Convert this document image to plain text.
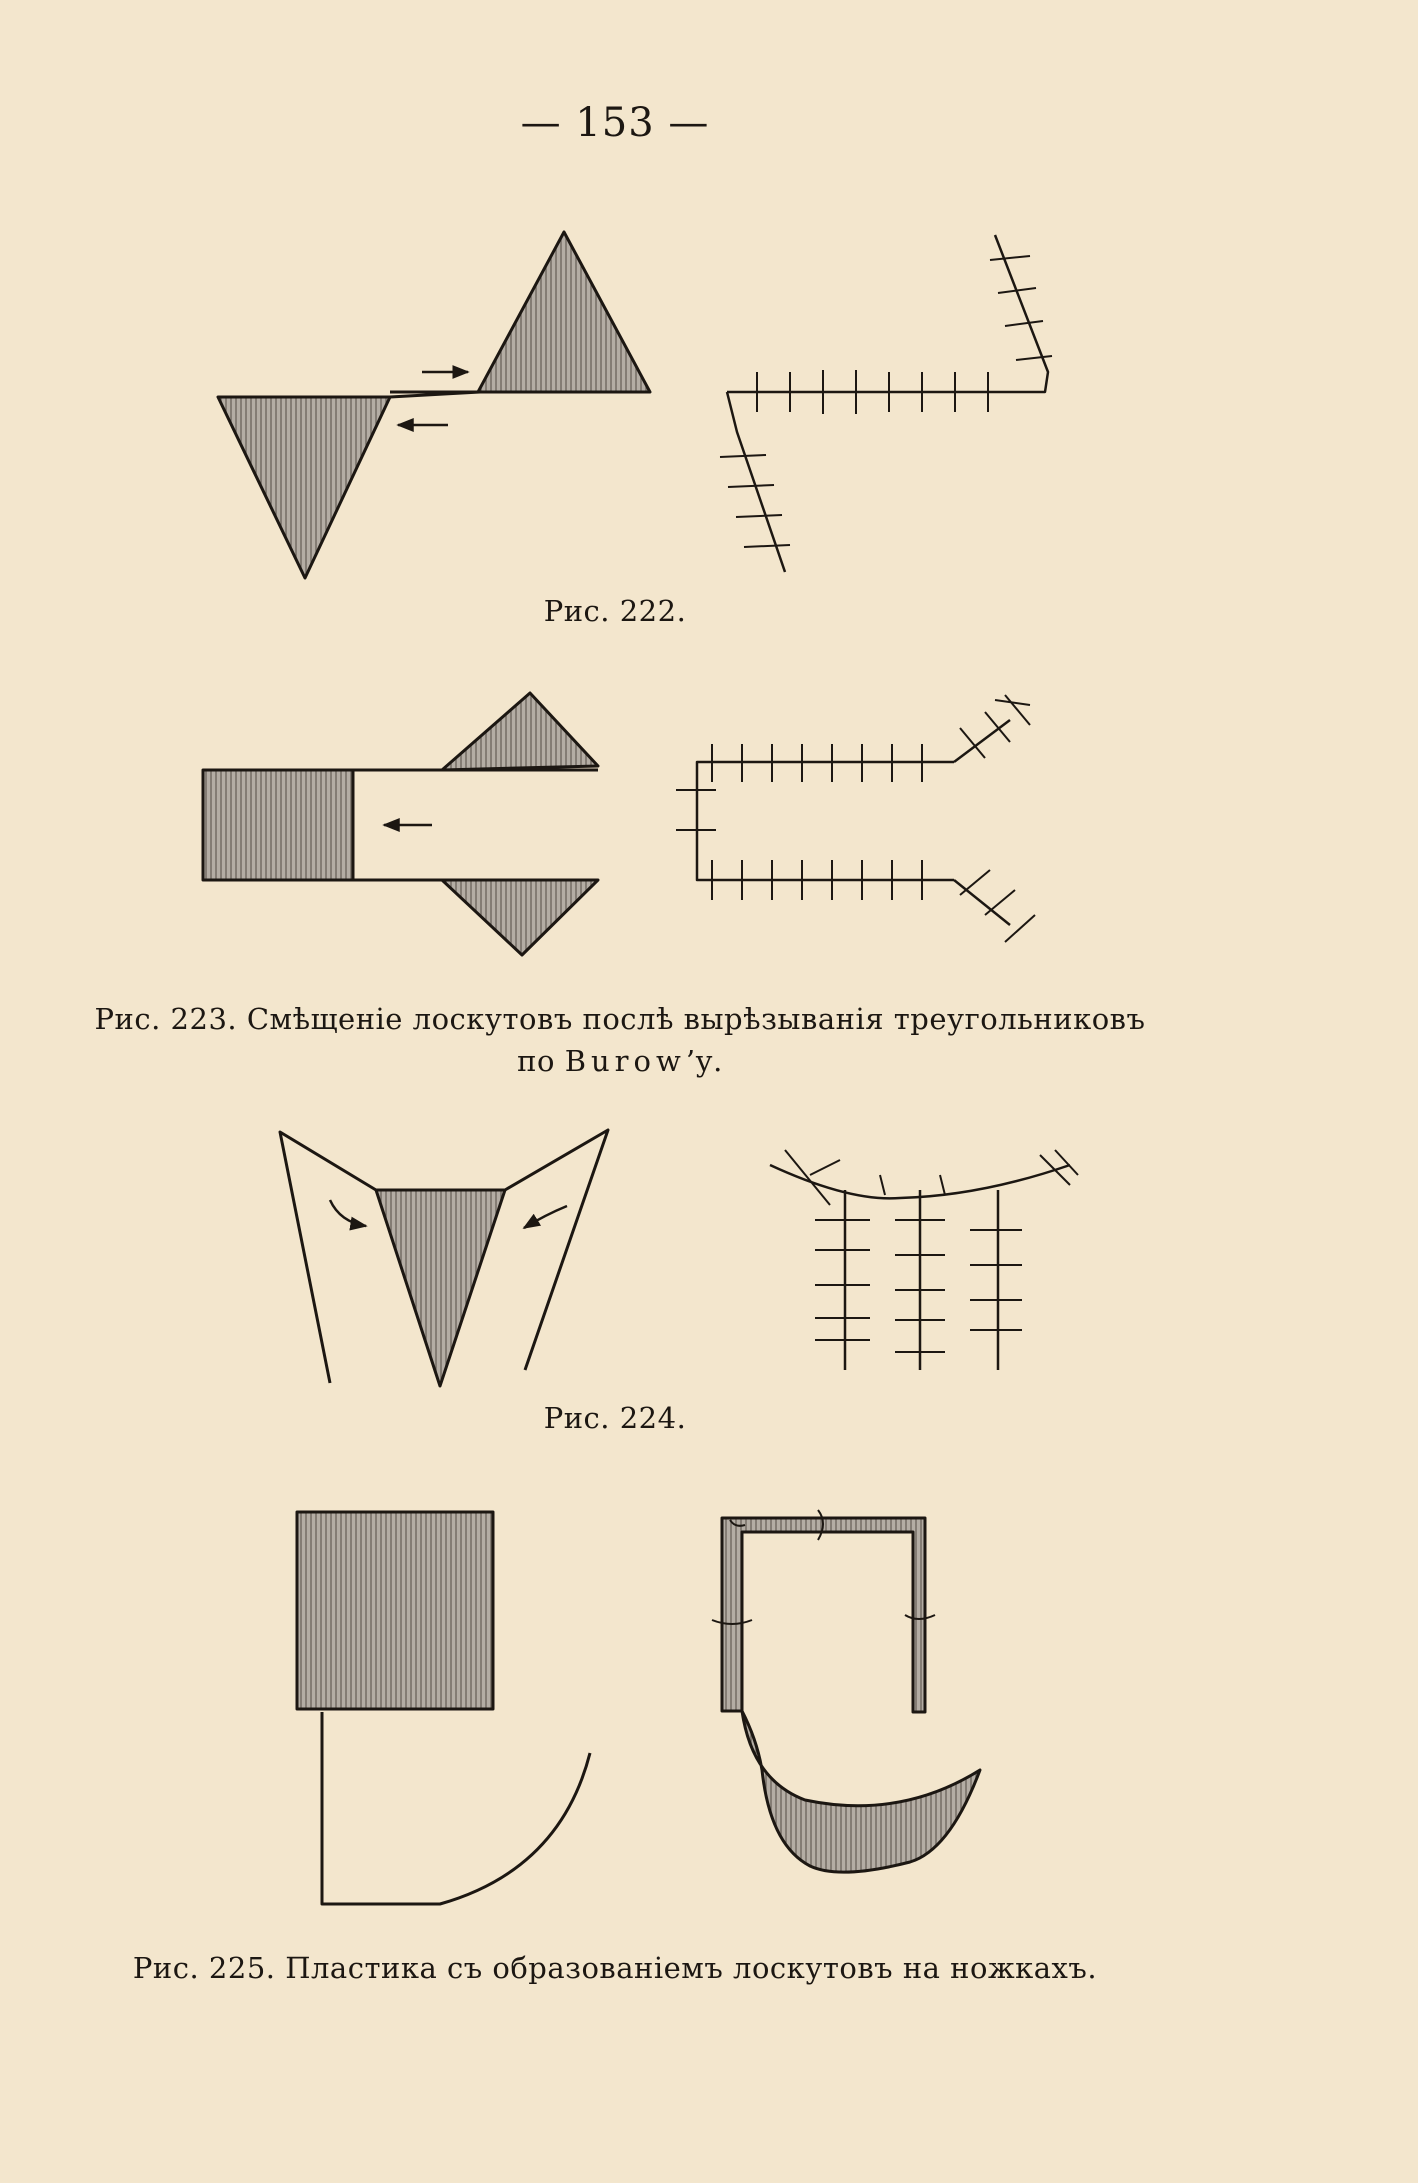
— 153 —
Рис. 222.
Рис. 223. Смѣщеніе лоскутовъ послѣ вырѣзыванія треугольниковъ
по Burow’у.
Рис. 224.
Рис. 225. Пластика съ образованіемъ лоскутовъ на ножкахъ.
